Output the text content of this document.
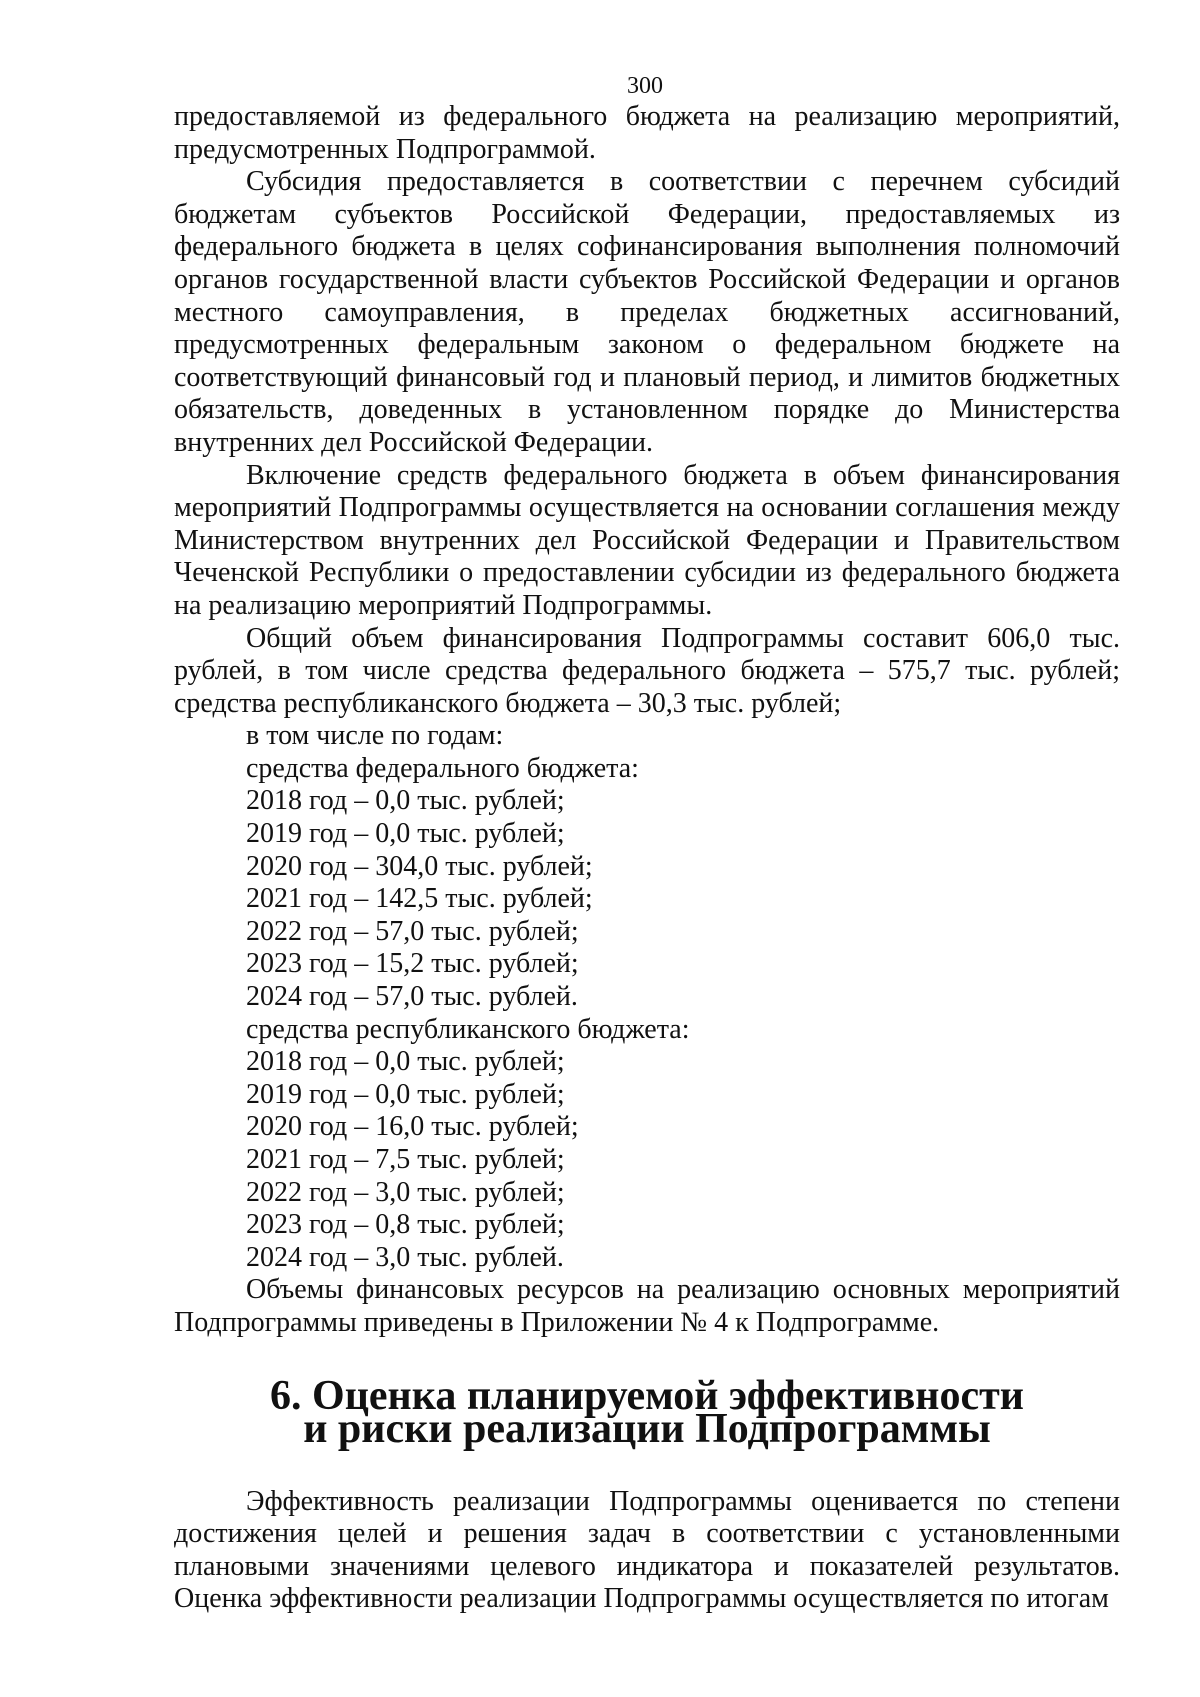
300

предоставляемой из федерального бюджета на реализацию мероприятий, предусмотренных Подпрограммой.

Субсидия предоставляется в соответствии с перечнем субсидий бюджетам субъектов Российской Федерации, предоставляемых из федерального бюджета в целях софинансирования выполнения полномочий органов государственной власти субъектов Российской Федерации и органов местного самоуправления, в пределах бюджетных ассигнований, предусмотренных федеральным законом о федеральном бюджете на соответствующий финансовый год и плановый период, и лимитов бюджетных обязательств, доведенных в установленном порядке до Министерства внутренних дел Российской Федерации.

Включение средств федерального бюджета в объем финансирования мероприятий Подпрограммы осуществляется на основании соглашения между Министерством внутренних дел Российской Федерации и Правительством Чеченской Республики о предоставлении субсидии из федерального бюджета на реализацию мероприятий Подпрограммы.

Общий объем финансирования Подпрограммы составит 606,0 тыс. рублей, в том числе средства федерального бюджета – 575,7 тыс. рублей; средства республиканского бюджета – 30,3 тыс. рублей;

в том числе по годам:

средства федерального бюджета:

2018 год – 0,0 тыс. рублей;

2019 год – 0,0 тыс. рублей;

2020 год – 304,0 тыс. рублей;

2021 год – 142,5 тыс. рублей;

2022 год – 57,0 тыс. рублей;

2023 год – 15,2 тыс. рублей;

2024 год – 57,0 тыс. рублей.

средства республиканского бюджета:

2018 год – 0,0 тыс. рублей;

2019 год – 0,0 тыс. рублей;

2020 год – 16,0 тыс. рублей;

2021 год – 7,5 тыс. рублей;

2022 год – 3,0 тыс. рублей;

2023 год – 0,8 тыс. рублей;

2024 год – 3,0 тыс. рублей.

Объемы финансовых ресурсов на реализацию основных мероприятий Подпрограммы приведены в Приложении № 4 к Подпрограмме.

6. Оценка планируемой эффективности
и риски реализации Подпрограммы

Эффективность реализации Подпрограммы оценивается по степени достижения целей и решения задач в соответствии с установленными плановыми значениями целевого индикатора и показателей результатов. Оценка эффективности реализации Подпрограммы осуществляется по итогам
